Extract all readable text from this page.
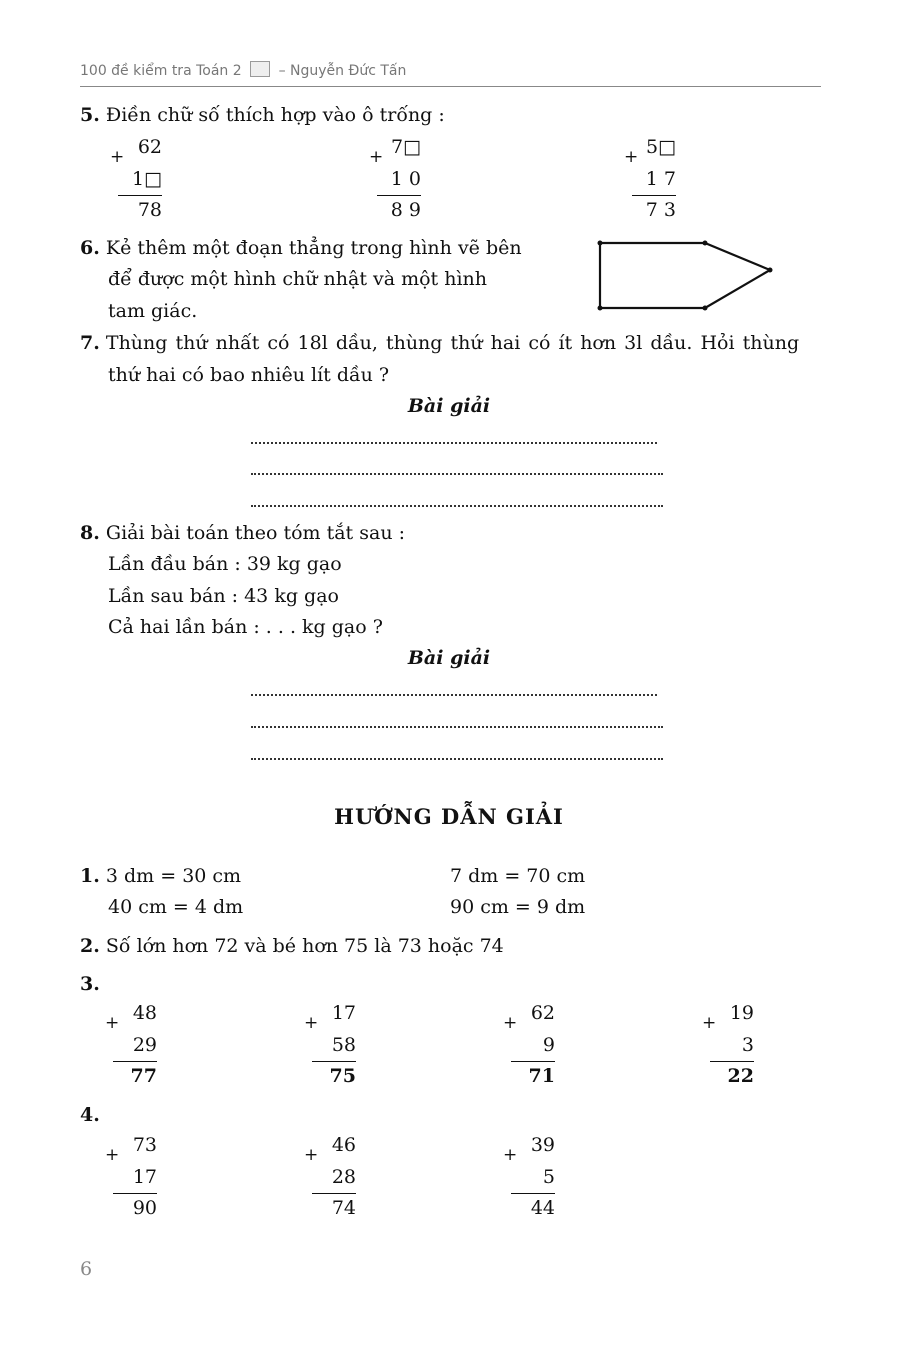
100 đề kiểm tra Toán 2	– Nguyễn Đức Tấn
5. Điền chữ số thích hợp vào ô trống :
+ 62
1□
78
+ 7□
1 0
8 9
+ 5□
1 7
7 3
6. Kẻ thêm một đoạn thẳng trong hình vẽ bên
để được một hình chữ nhật và một hình
tam giác.
7. Thùng thứ nhất có 18l dầu, thùng thứ hai có ít hơn 3l dầu. Hỏi thùng
thứ hai có bao nhiêu lít dầu ?
Bài giải
8. Giải bài toán theo tóm tắt sau :
Lần đầu bán : 39 kg gạo
Lần sau bán : 43 kg gạo
Cả hai lần bán : . . . kg gạo ?
Bài giải
HƯỚNG DẪN GIẢI
1. 3 dm = 30 cm	7 dm = 70 cm
40 cm = 4 dm	90 cm = 9 dm
2. Số lớn hơn 72 và bé hơn 75 là 73 hoặc 74
3.
+ 48
29
77
+ 17
58
75
+ 62
9
71
+ 19
3
22
4.
+ 73
17
90
+ 46
28
74
+ 39
5
44
6
